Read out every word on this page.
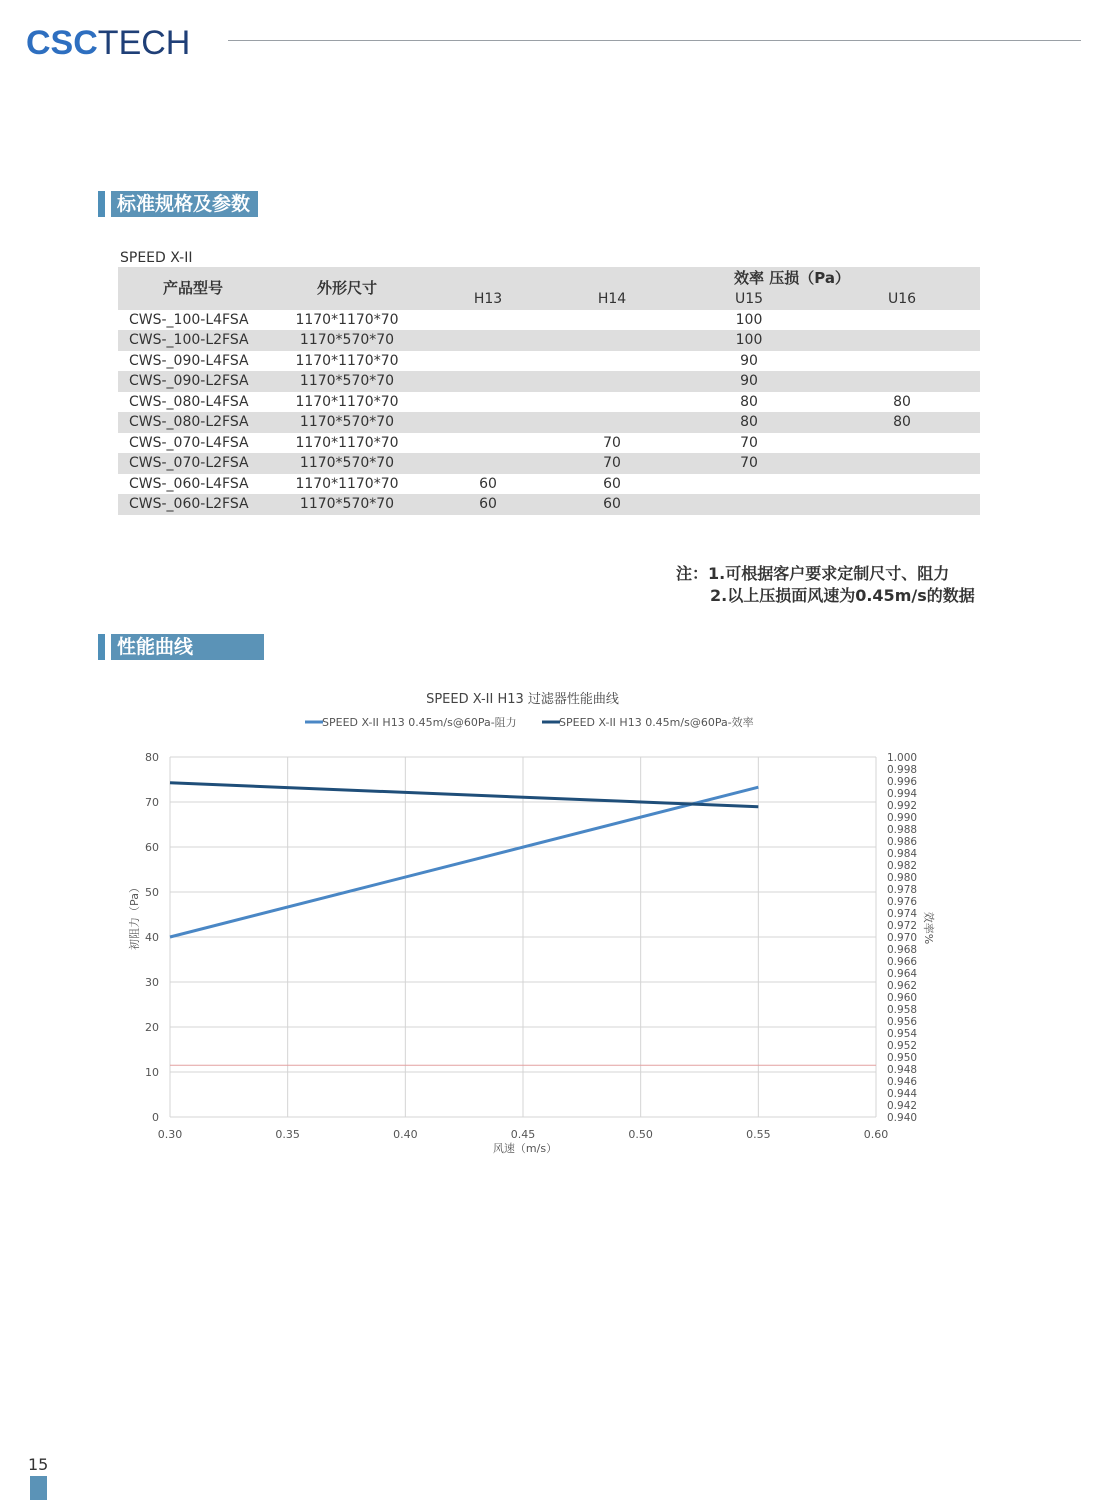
CSCTECH
标准规格及参数
SPEED X-II
产品型号	外形尺寸			效率 压损（Pa）	
		H13	H14	U15	U16
CWS-_100-L4FSA	1170*1170*70			100	
CWS-_100-L2FSA	1170*570*70			100	
CWS-_090-L4FSA	1170*1170*70			90	
CWS-_090-L2FSA	1170*570*70			90	
CWS-_080-L4FSA	1170*1170*70			80	80
CWS-_080-L2FSA	1170*570*70			80	80
CWS-_070-L4FSA	1170*1170*70		70	70	
CWS-_070-L2FSA	1170*570*70		70	70	
CWS-_060-L4FSA	1170*1170*70	60	60		
CWS-_060-L2FSA	1170*570*70	60	60		
注：1.可根据客户要求定制尺寸、阻力
2.以上压损面风速为0.45m/s的数据
性能曲线
SPEED X-II H13 过滤器性能曲线
SPEED X-II H13 0.45m/s@60Pa-阻力	SPEED X-II H13 0.45m/s@60Pa-效率
0.30	0.35	0.40	0.45	0.50	0.55	0.60
0
10
20
30
40
50
60
70
80
0.940
0.942
0.944
0.946
0.948
0.950
0.952
0.954
0.956
0.958
0.960
0.962
0.964
0.966
0.968
0.970
0.972
0.974
0.976
0.978
0.980
0.982
0.984
0.986
0.988
0.990
0.992
0.994
0.996
0.998
1.000
风速（m/s）
初阻力（Pa）	效率%
15
